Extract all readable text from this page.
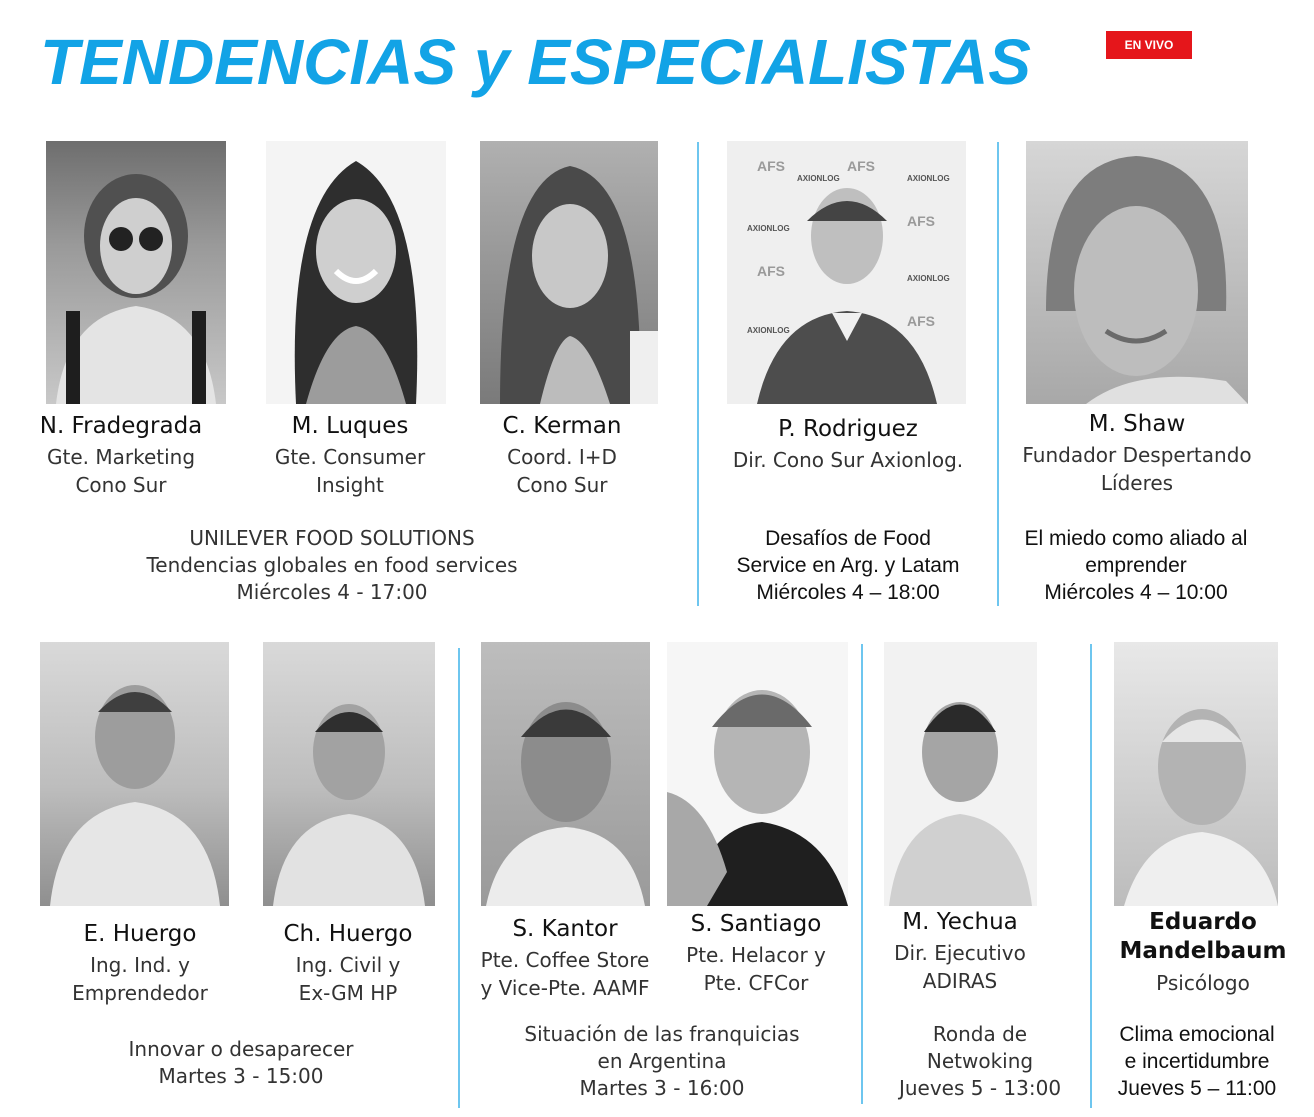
TENDENCIAS y ESPECIALISTAS	EN VIVO
AFS	AFS
AFS
AFS
AFS
AXIONLOG	AXIONLOG
AXIONLOG
AXIONLOG
AXIONLOG
N. Fradegrada
Gte. Marketing
Cono Sur
M. Luques
Gte. Consumer
Insight
C. Kerman
Coord. I+D
Cono Sur
P. Rodriguez
Dir. Cono Sur Axionlog.
M. Shaw
Fundador Despertando
Líderes
UNILEVER FOOD SOLUTIONS
Tendencias globales en food services
Miércoles 4 - 17:00
Desafíos de Food
Service en Arg. y Latam
Miércoles 4 – 18:00
El miedo como aliado al
emprender
Miércoles 4 – 10:00
E. Huergo
Ing. Ind. y
Emprendedor
Ch. Huergo
Ing. Civil y
Ex-GM HP
S. Kantor
Pte. Coffee Store
y Vice-Pte. AAMF
S. Santiago
Pte. Helacor y
Pte. CFCor
M. Yechua
Dir. Ejecutivo
ADIRAS
Eduardo
Mandelbaum
Psicólogo
Innovar o desaparecer
Martes 3 - 15:00
Situación de las franquicias
en Argentina
Martes 3 - 16:00
Ronda de
Netwoking
Jueves 5 - 13:00
Clima emocional
e incertidumbre
Jueves 5 – 11:00
